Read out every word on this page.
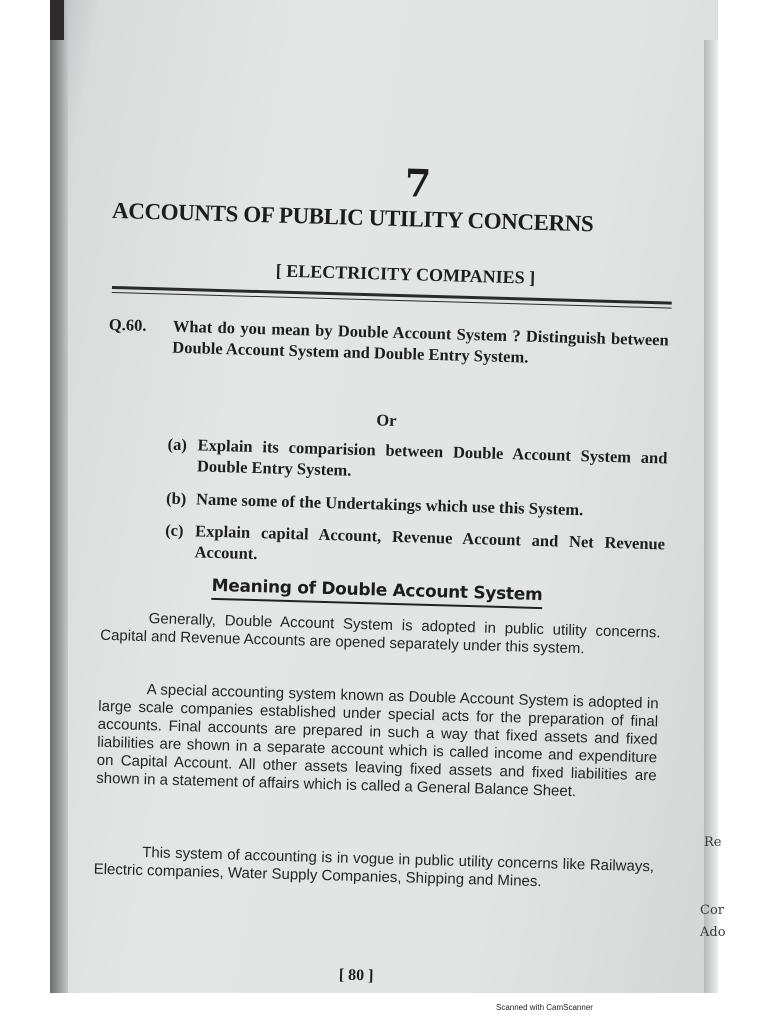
Re
Cor
Ado
7
ACCOUNTS OF PUBLIC UTILITY CONCERNS
[ ELECTRICITY COMPANIES ]
Q.60. What do you mean by Double Account System ? Distinguish between Double Account System and Double Entry System.
Or
(a) Explain its comparision between Double Account System and Double Entry System.
(b) Name some of the Undertakings which use this System.
(c) Explain capital Account, Revenue Account and Net Revenue Account.
Meaning of Double Account System
Generally, Double Account System is adopted in public utility concerns. Capital and Revenue Accounts are opened separately under this system.
A special accounting system known as Double Account System is adopted in large scale companies established under special acts for the preparation of final accounts. Final accounts are prepared in such a way that fixed assets and fixed liabilities are shown in a separate account which is called income and expenditure on Capital Account. All other assets leaving fixed assets and fixed liabilities are shown in a statement of affairs which is called a General Balance Sheet.
This system of accounting is in vogue in public utility concerns like Railways, Electric companies, Water Supply Companies, Shipping and Mines.
[ 80 ]
Scanned with CamScanner
